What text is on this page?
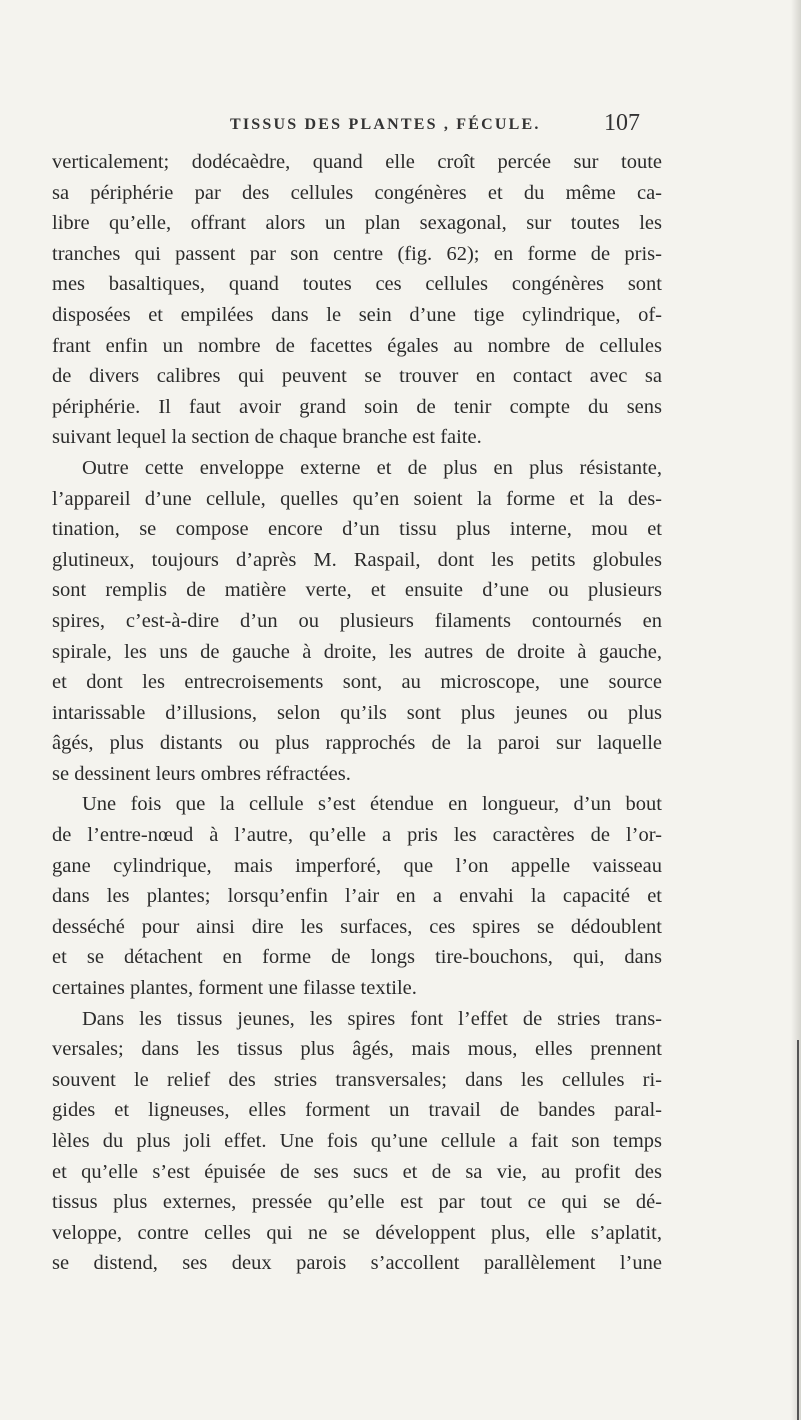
TISSUS DES PLANTES , FÉCULE.	107
verticalement; dodécaèdre, quand elle croît percée sur toute
sa périphérie par des cellules congénères et du même ca-
libre qu’elle, offrant alors un plan sexagonal, sur toutes les
tranches qui passent par son centre (fig. 62); en forme de pris-
mes basaltiques, quand toutes ces cellules congénères sont
disposées et empilées dans le sein d’une tige cylindrique, of-
frant enfin un nombre de facettes égales au nombre de cellules
de divers calibres qui peuvent se trouver en contact avec sa
périphérie. Il faut avoir grand soin de tenir compte du sens
suivant lequel la section de chaque branche est faite.
Outre cette enveloppe externe et de plus en plus résistante,
l’appareil d’une cellule, quelles qu’en soient la forme et la des-
tination, se compose encore d’un tissu plus interne, mou et
glutineux, toujours d’après M. Raspail, dont les petits globules
sont remplis de matière verte, et ensuite d’une ou plusieurs
spires, c’est-à-dire d’un ou plusieurs filaments contournés en
spirale, les uns de gauche à droite, les autres de droite à gauche,
et dont les entrecroisements sont, au microscope, une source
intarissable d’illusions, selon qu’ils sont plus jeunes ou plus
âgés, plus distants ou plus rapprochés de la paroi sur laquelle
se dessinent leurs ombres réfractées.
Une fois que la cellule s’est étendue en longueur, d’un bout
de l’entre-nœud à l’autre, qu’elle a pris les caractères de l’or-
gane cylindrique, mais imperforé, que l’on appelle vaisseau
dans les plantes; lorsqu’enfin l’air en a envahi la capacité et
desséché pour ainsi dire les surfaces, ces spires se dédoublent
et se détachent en forme de longs tire-bouchons, qui, dans
certaines plantes, forment une filasse textile.
Dans les tissus jeunes, les spires font l’effet de stries trans-
versales; dans les tissus plus âgés, mais mous, elles prennent
souvent le relief des stries transversales; dans les cellules ri-
gides et ligneuses, elles forment un travail de bandes paral-
lèles du plus joli effet. Une fois qu’une cellule a fait son temps
et qu’elle s’est épuisée de ses sucs et de sa vie, au profit des
tissus plus externes, pressée qu’elle est par tout ce qui se dé-
veloppe, contre celles qui ne se développent plus, elle s’aplatit,
se distend, ses deux parois s’accollent parallèlement l’une
